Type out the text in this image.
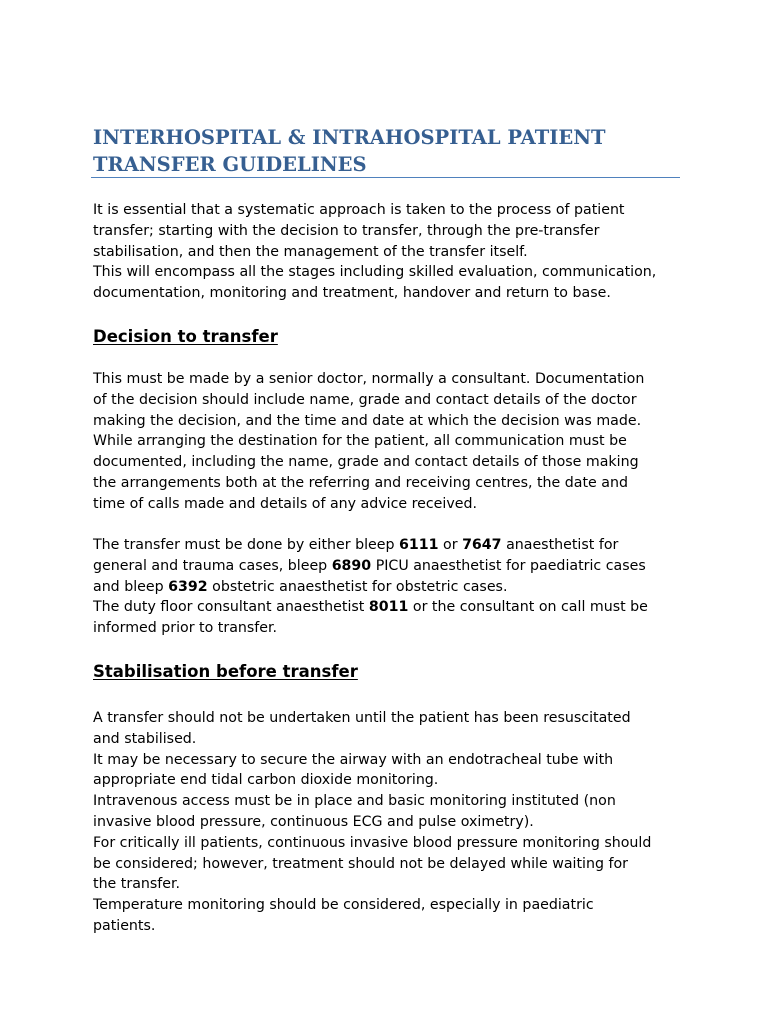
INTERHOSPITAL & INTRAHOSPITAL PATIENT
TRANSFER GUIDELINES

It is essential that a systematic approach is taken to the process of patient
transfer; starting with the decision to transfer, through the pre-transfer
stabilisation, and then the management of the transfer itself.
This will encompass all the stages including skilled evaluation, communication,
documentation, monitoring and treatment, handover and return to base.

Decision to transfer

This must be made by a senior doctor, normally a consultant. Documentation
of the decision should include name, grade and contact details of the doctor
making the decision, and the time and date at which the decision was made.
While arranging the destination for the patient, all communication must be
documented, including the name, grade and contact details of those making
the arrangements both at the referring and receiving centres, the date and
time of calls made and details of any advice received.

The transfer must be done by either bleep 6111 or 7647 anaesthetist for
general and trauma cases, bleep 6890 PICU anaesthetist for paediatric cases
and bleep 6392 obstetric anaesthetist for obstetric cases.
The duty floor consultant anaesthetist 8011 or the consultant on call must be
informed prior to transfer.

Stabilisation before transfer

A transfer should not be undertaken until the patient has been resuscitated
and stabilised.
It may be necessary to secure the airway with an endotracheal tube with
appropriate end tidal carbon dioxide monitoring.
Intravenous access must be in place and basic monitoring instituted (non
invasive blood pressure, continuous ECG and pulse oximetry).
For critically ill patients, continuous invasive blood pressure monitoring should
be considered; however, treatment should not be delayed while waiting for
the transfer.
Temperature monitoring should be considered, especially in paediatric
patients.
